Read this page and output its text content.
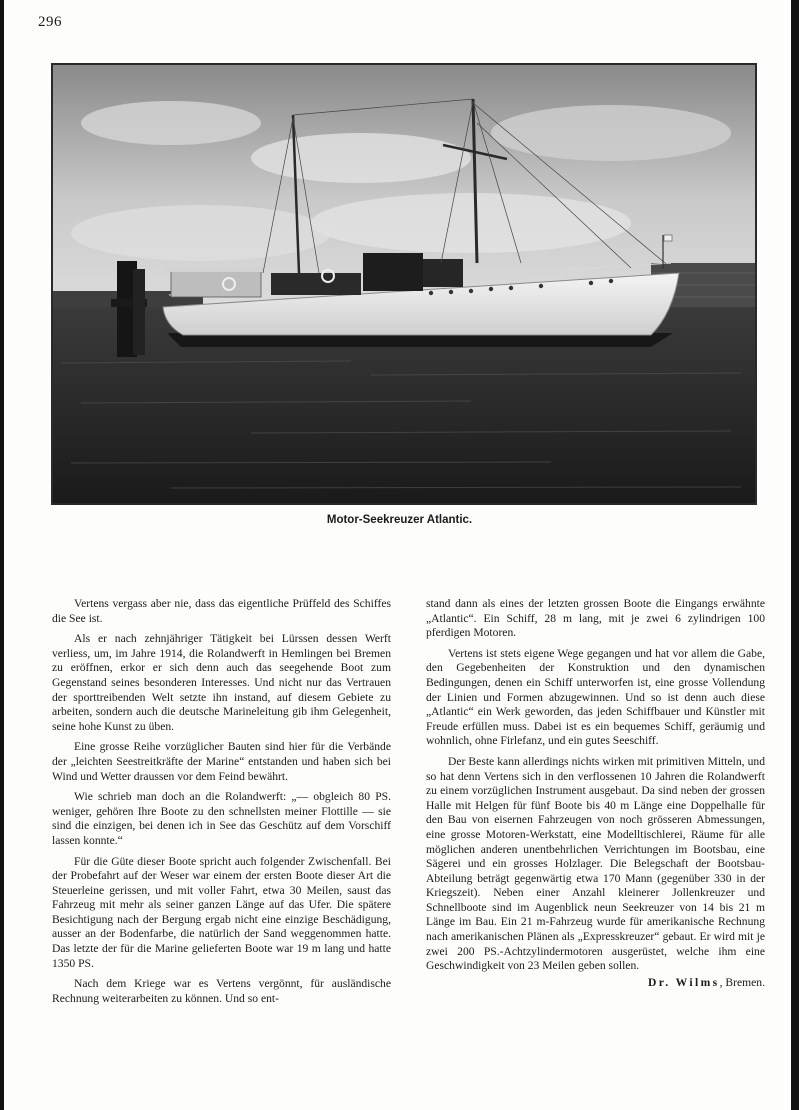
296
Motor-Seekreuzer Atlantic.

Vertens vergass aber nie, dass das eigentliche Prüffeld des Schiffes die See ist.

Als er nach zehnjähriger Tätigkeit bei Lürssen dessen Werft verliess, um, im Jahre 1914, die Rolandwerft in Hemlingen bei Bremen zu eröffnen, erkor er sich denn auch das seegehende Boot zum Gegenstand seines besonderen Interesses. Und nicht nur das Vertrauen der sporttreibenden Welt setzte ihn instand, auf diesem Gebiete zu arbeiten, sondern auch die deutsche Marineleitung gib ihm Gelegenheit, seine hohe Kunst zu üben.

Eine grosse Reihe vorzüglicher Bauten sind hier für die Verbände der „leichten Seestreitkräfte der Marine“ entstanden und haben sich bei Wind und Wetter draussen vor dem Feind bewährt.

Wie schrieb man doch an die Rolandwerft: „— obgleich 80 PS. weniger, gehören Ihre Boote zu den schnellsten meiner Flottille — sie sind die einzigen, bei denen ich in See das Geschütz auf dem Vorschiff lassen konnte.“

Für die Güte dieser Boote spricht auch folgender Zwischenfall. Bei der Probefahrt auf der Weser war einem der ersten Boote dieser Art die Steuerleine gerissen, und mit voller Fahrt, etwa 30 Meilen, saust das Fahrzeug mit mehr als seiner ganzen Länge auf das Ufer. Die spätere Besichtigung nach der Bergung ergab nicht eine einzige Beschädigung, ausser an der Bodenfarbe, die natürlich der Sand weggenommen hatte. Das letzte der für die Marine gelieferten Boote war 19 m lang und hatte 1350 PS.

Nach dem Kriege war es Vertens vergönnt, für ausländische Rechnung weiterarbeiten zu können. Und so ent-

stand dann als eines der letzten grossen Boote die Eingangs erwähnte „Atlantic“. Ein Schiff, 28 m lang, mit je zwei 6 zylindrigen 100 pferdigen Motoren.

Vertens ist stets eigene Wege gegangen und hat vor allem die Gabe, den Gegebenheiten der Konstruktion und den dynamischen Bedingungen, denen ein Schiff unterworfen ist, eine grosse Vollendung der Linien und Formen abzugewinnen. Und so ist denn auch diese „Atlantic“ ein Werk geworden, das jeden Schiffbauer und Künstler mit Freude erfüllen muss. Dabei ist es ein bequemes Schiff, geräumig und wohnlich, ohne Firlefanz, und ein gutes Seeschiff.

Der Beste kann allerdings nichts wirken mit primitiven Mitteln, und so hat denn Vertens sich in den verflossenen 10 Jahren die Rolandwerft zu einem vorzüglichen Instrument ausgebaut. Da sind neben der grossen Halle mit Helgen für fünf Boote bis 40 m Länge eine Doppelhalle für den Bau von eisernen Fahrzeugen von noch grösseren Abmessungen, eine grosse Motoren-Werkstatt, eine Modelltischlerei, Räume für alle möglichen anderen unentbehrlichen Verrichtungen im Bootsbau, eine Sägerei und ein grosses Holzlager. Die Belegschaft der Bootsbau-Abteilung beträgt gegenwärtig etwa 170 Mann (gegenüber 330 in der Kriegszeit). Neben einer Anzahl kleinerer Jollenkreuzer und Schnellboote sind im Augenblick neun Seekreuzer von 14 bis 21 m Länge im Bau. Ein 21 m-Fahrzeug wurde für amerikanische Rechnung nach amerikanischen Plänen als „Expresskreuzer“ gebaut. Er wird mit je zwei 200 PS.-Achtzylindermotoren ausgerüstet, welche ihm eine Geschwindigkeit von 23 Meilen geben sollen.

Dr. Wilms, Bremen.
